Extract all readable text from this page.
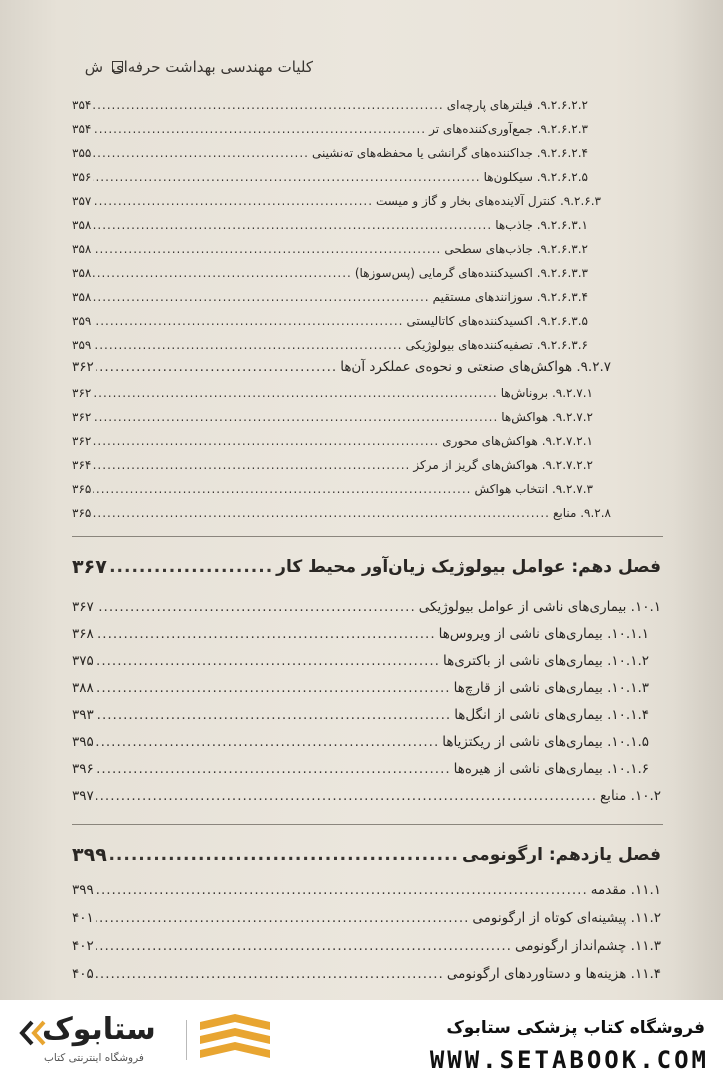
ش کلیات مهندسی بهداشت حرفه‌ای
۹.۲.۶.۲.۲. فیلترهای پارچه‌ای
.....
۳۵۴
۹.۲.۶.۲.۳. جمع‌آوری‌کننده‌های تر
.....
۳۵۴
۹.۲.۶.۲.۴. جداکننده‌های گرانشی یا محفظه‌های ته‌نشینی
.....
۳۵۵
۹.۲.۶.۲.۵. سیکلون‌ها
.....
۳۵۶
۹.۲.۶.۳. کنترل آلاینده‌های بخار و گاز و میست
.....
۳۵۷
۹.۲.۶.۳.۱. جاذب‌ها
.....
۳۵۸
۹.۲.۶.۳.۲. جاذب‌های سطحی
.....
۳۵۸
۹.۲.۶.۳.۳. اکسیدکننده‌های گرمایی (پس‌سوزها)
.....
۳۵۸
۹.۲.۶.۳.۴. سوزانندهای مستقیم
.....
۳۵۸
۹.۲.۶.۳.۵. اکسیدکننده‌های کاتالیستی
.....
۳۵۹
۹.۲.۶.۳.۶. تصفیه‌کننده‌های بیولوژیکی
.....
۳۵۹
۹.۲.۷. هواکش‌های صنعتی و نحوه‌ی عملکرد آن‌ها
.....
۳۶۲
۹.۲.۷.۱. بروناش‌ها
.....
۳۶۲
۹.۲.۷.۲. هواکش‌ها
.....
۳۶۲
۹.۲.۷.۲.۱. هواکش‌های محوری
.....
۳۶۲
۹.۲.۷.۲.۲. هواکش‌های گریز از مرکز
.....
۳۶۴
۹.۲.۷.۳. انتخاب هواکش
.....
۳۶۵
۹.۲.۸. منابع
.....
۳۶۵
فصل دهم: عوامل بیولوژیک زیان‌آور محیط کار
.....
۳۶۷
۱۰.۱. بیماری‌های ناشی از عوامل بیولوژیکی
.....
۳۶۷
۱۰.۱.۱. بیماری‌های ناشی از ویروس‌ها
.....
۳۶۸
۱۰.۱.۲. بیماری‌های ناشی از باکتری‌ها
.....
۳۷۵
۱۰.۱.۳. بیماری‌های ناشی از قارچ‌ها
.....
۳۸۸
۱۰.۱.۴. بیماری‌های ناشی از انگل‌ها
.....
۳۹۳
۱۰.۱.۵. بیماری‌های ناشی از ریکتزیاها
.....
۳۹۵
۱۰.۱.۶. بیماری‌های ناشی از هیره‌ها
.....
۳۹۶
۱۰.۲. منابع
.....
۳۹۷
فصل یازدهم: ارگونومی
.....
۳۹۹
۱۱.۱. مقدمه
.....
۳۹۹
۱۱.۲. پیشینه‌ای کوتاه از ارگونومی
.....
۴۰۱
۱۱.۳. چشم‌انداز ارگونومی
.....
۴۰۲
۱۱.۴. هزینه‌ها و دستاوردهای ارگونومی
.....
۴۰۵
فروشگاه کتاب پزشکی ستابوک
WWW.SETABOOK.COM
ستابوک
فروشگاه اینترنتی کتاب
